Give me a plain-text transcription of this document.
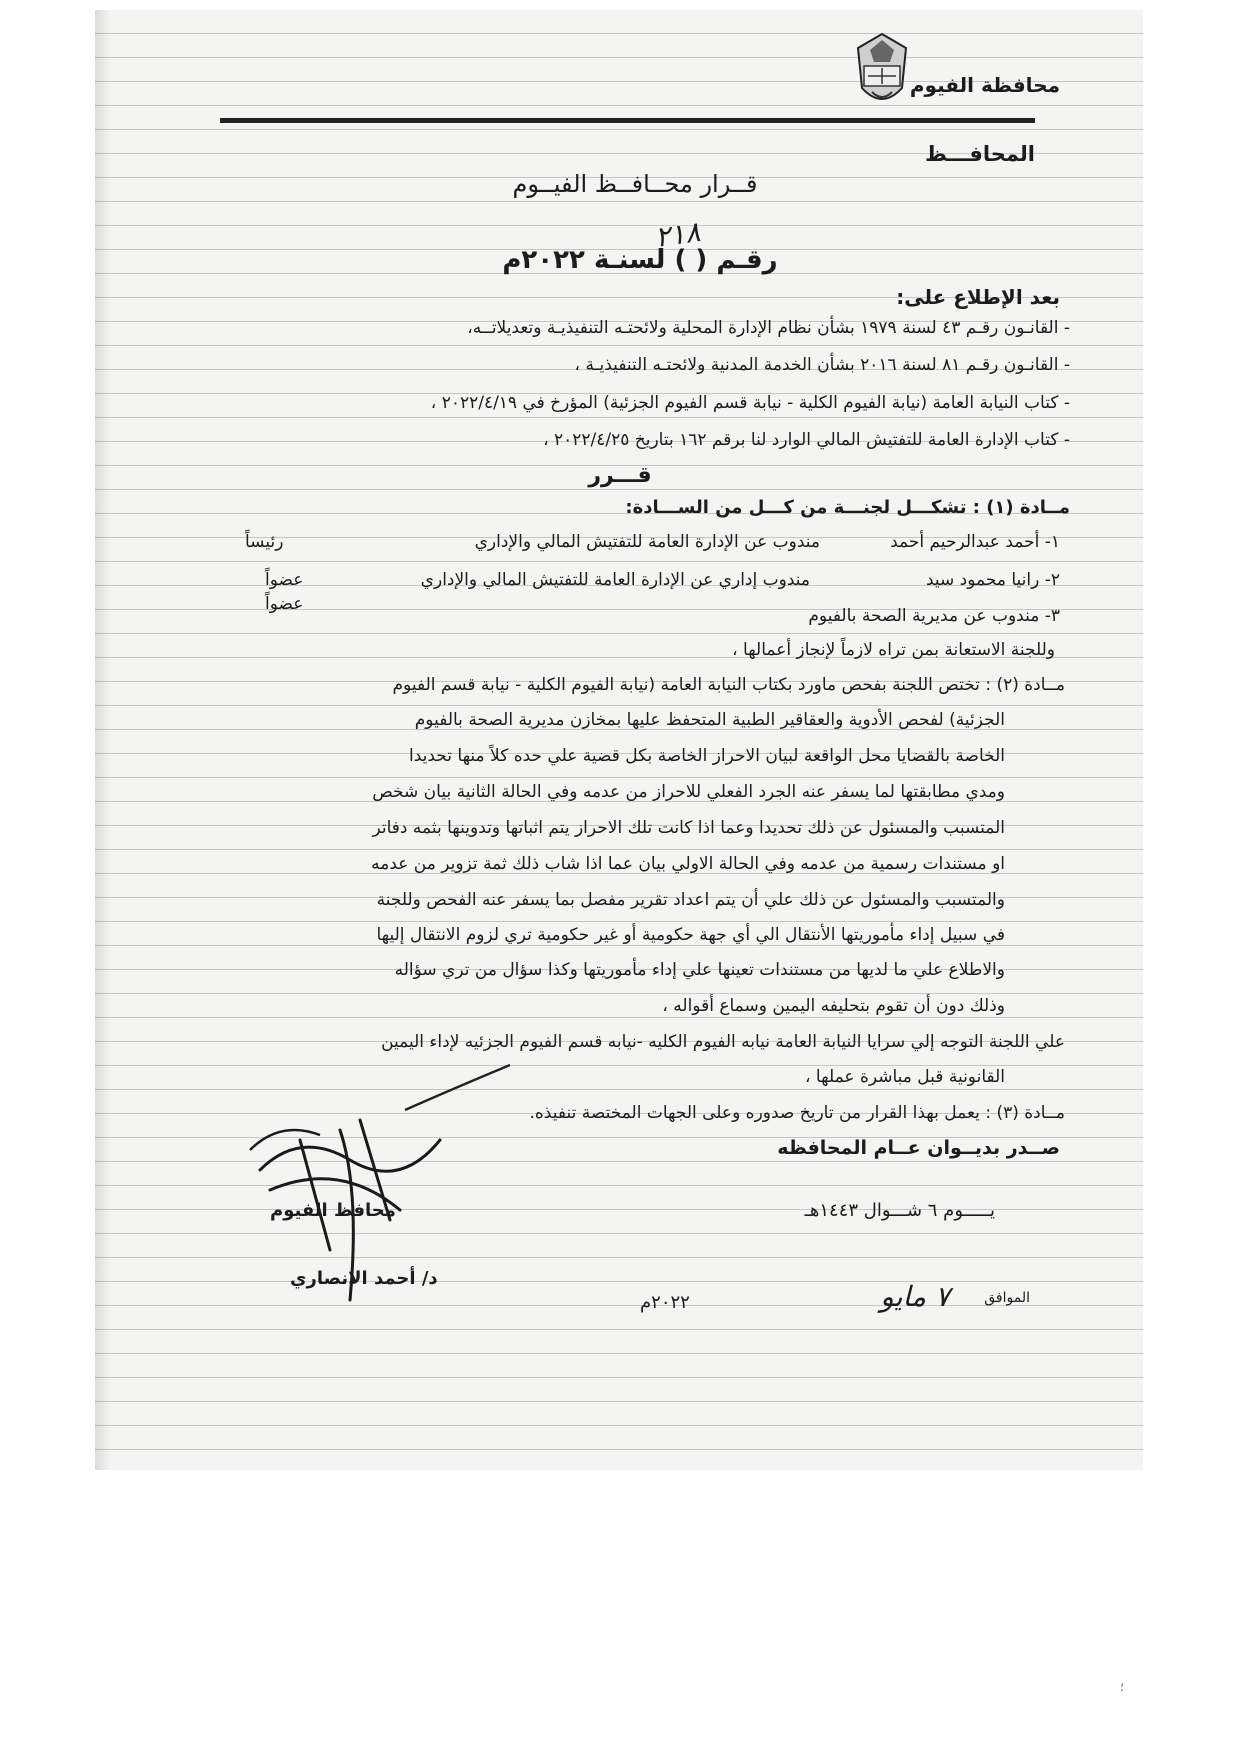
محافظة الفيوم
المحافـــظ
قــرار محــافــظ الفيــوم
٢١٨
رقـم ( ) لسنـة ٢٠٢٢م
بعد الإطلاع على:
- القانـون رقـم ٤٣ لسنة ١٩٧٩ بشأن نظام الإدارة المحلية ولائحتـه التنفيذيـة وتعديلاتــه،
- القانـون رقـم ٨١ لسنة ٢٠١٦ بشأن الخدمة المدنية ولائحتـه التنفيذيـة ،
- كتاب النيابة العامة (نيابة الفيوم الكلية - نيابة قسم الفيوم الجزئية) المؤرخ في ٢٠٢٢/٤/١٩ ،
- كتاب الإدارة العامة للتفتيش المالي الوارد لنا برقم ١٦٢ بتاريخ ٢٠٢٢/٤/٢٥ ،
قـــرر
مــادة (١) : تشكـــل لجنـــة من كـــل من الســـادة:
١- أحمد عبدالرحيم أحمد
مندوب عن الإدارة العامة للتفتيش المالي والإداري
رئيساً
٢- رانيا محمود سيد
مندوب إداري عن الإدارة العامة للتفتيش المالي والإداري
عضواً
٣- مندوب عن مديرية الصحة بالفيوم
عضواً
وللجنة الاستعانة بمن تراه لازماً لإنجاز أعمالها ،
مــادة (٢) : تختص اللجنة بفحص ماورد بكتاب النيابة العامة (نيابة الفيوم الكلية - نيابة قسم الفيوم
الجزئية) لفحص الأدوية والعقاقير الطبية المتحفظ عليها بمخازن مديرية الصحة بالفيوم
الخاصة بالقضايا محل الواقعة لبيان الاحراز الخاصة بكل قضية علي حده كلاً منها تحديدا
ومدي مطابقتها لما يسفر عنه الجرد الفعلي للاحراز من عدمه وفي الحالة الثانية بيان شخص
المتسبب والمسئول عن ذلك تحديدا وعما اذا كانت تلك الاحراز يتم اثباتها وتدوينها بثمه دفاتر
او مستندات رسمية من عدمه وفي الحالة الاولي بيان عما اذا شاب ذلك ثمة تزوير من عدمه
والمتسبب والمسئول عن ذلك علي أن يتم اعداد تقرير مفصل بما يسفر عنه الفحص وللجنة
في سبيل إداء مأموريتها الأنتقال الي أي جهة حكومية أو غير حكومية تري لزوم الانتقال إليها
والاطلاع علي ما لديها من مستندات تعينها علي إداء مأموريتها وكذا سؤال من تري سؤاله
وذلك دون أن تقوم بتحليفه اليمين وسماع أقواله ،
علي اللجنة التوجه إلي سرايا النيابة العامة نيابه الفيوم الكليه -نيابه قسم الفيوم الجزئيه لإداء اليمين
القانونية قبل مباشرة عملها ،
مــادة (٣) : يعمل بهذا القرار من تاريخ صدوره وعلى الجهات المختصة تنفيذه.
صــدر بديــوان عــام المحافظه
يـــــوم ٦ شـــوال ١٤٤٣هـ
محافظ الفيوم
د/ أحمد الانصاري
الموافق
٧ مايو
٢٠٢٢م
؛
